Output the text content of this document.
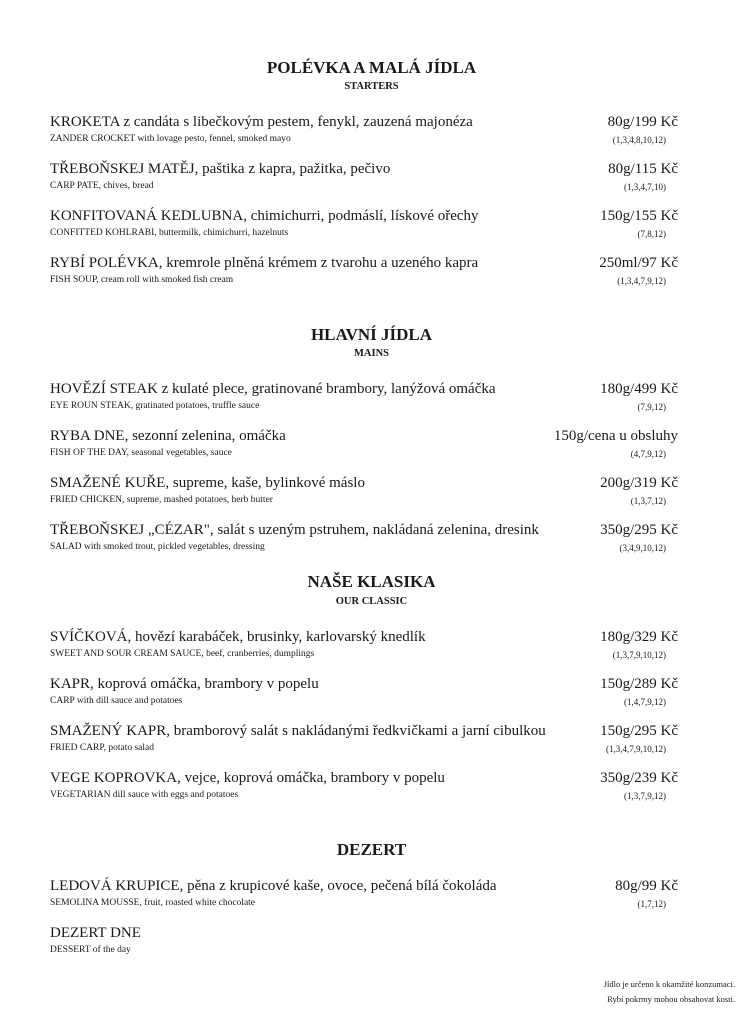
POLÉVKA A MALÁ JÍDLA
STARTERS
KROKETA z candáta s libečkovým pestem, fenykl, zauzená majonéza
ZANDER CROCKET with lovage pesto, fennel, smoked mayo
80g/199 Kč
(1,3,4,8,10,12)
TŘEBOŇSKEJ MATĚJ, paštika z kapra, pažitka, pečivo
CARP PATE, chives, bread
80g/115 Kč
(1,3,4,7,10)
KONFITOVANÁ KEDLUBNA, chimichurri, podmáslí, lískové ořechy
CONFITTED KOHLRABI, buttermilk, chimichurri, hazelnuts
150g/155 Kč
(7,8,12)
RYBÍ POLÉVKA, kremrole plněná krémem z tvarohu a uzeného kapra
FISH SOUP, cream roll with smoked fish cream
250ml/97 Kč
(1,3,4,7,9,12)
HLAVNÍ JÍDLA
MAINS
HOVĚZÍ STEAK z kulaté plece, gratinované brambory, lanýžová omáčka
EYE ROUN STEAK, gratinated potatoes, truffle sauce
180g/499 Kč
(7,9,12)
RYBA DNE, sezonní zelenina, omáčka
FISH OF THE DAY, seasonal vegetables, sauce
150g/cena u obsluhy
(4,7,9,12)
SMAŽENÉ KUŘE, supreme, kaše, bylinkové máslo
FRIED CHICKEN, supreme, mashed potatoes, herb butter
200g/319 Kč
(1,3,7,12)
TŘEBOŇSKEJ „CÉZAR", salát s uzeným pstruhem, nakládaná zelenina, dresink
SALAD with smoked trout, pickled vegetables, dressing
350g/295 Kč
(3,4,9,10,12)
NAŠE KLASIKA
OUR CLASSIC
SVÍČKOVÁ, hovězí karabáček, brusinky, karlovarský knedlík
SWEET AND SOUR CREAM SAUCE, beef, cranberries, dumplings
180g/329 Kč
(1,3,7,9,10,12)
KAPR, koprová omáčka, brambory v popelu
CARP with dill sauce and potatoes
150g/289 Kč
(1,4,7,9,12)
SMAŽENÝ KAPR, bramborový salát s nakládanými ředkvičkami a jarní cibulkou
FRIED CARP, potato salad
150g/295 Kč
(1,3,4,7,9,10,12)
VEGE KOPROVKA, vejce, koprová omáčka, brambory v popelu
VEGETARIAN dill sauce with eggs and potatoes
350g/239 Kč
(1,3,7,9,12)
DEZERT
LEDOVÁ KRUPICE, pěna z krupicové kaše, ovoce, pečená bílá čokoláda
SEMOLINA MOUSSE, fruit, roasted white chocolate
80g/99 Kč
(1,7,12)
DEZERT DNE
DESSERT of the day
Jídlo je určeno k okamžité konzumaci.
Rybí pokrmy mohou obsahovat kosti.
